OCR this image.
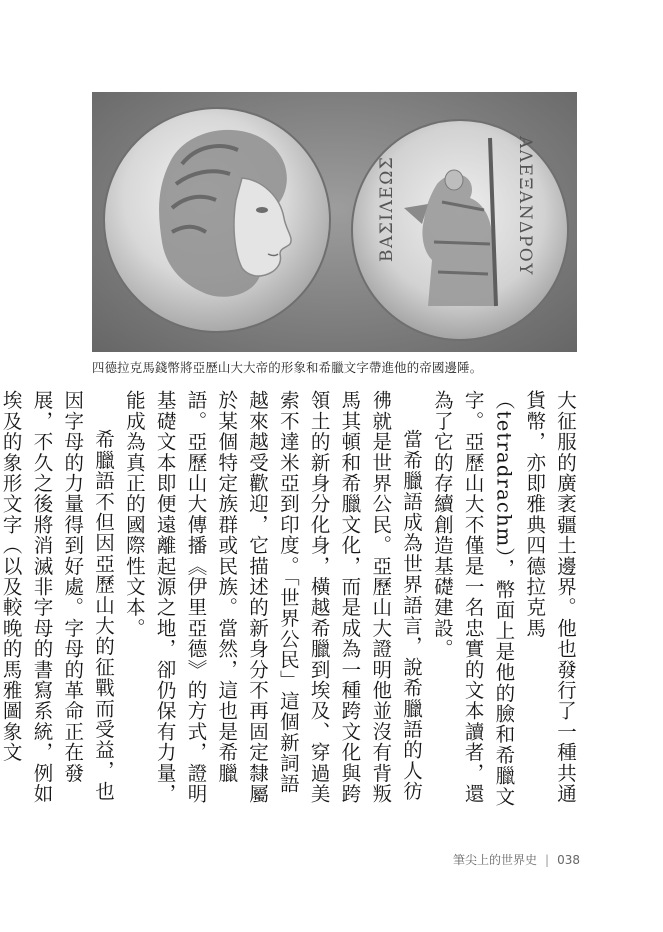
ΒΑΣΙΛΕΩΣ	ΑΛΕΞΑΝΔΡΟΥ
四德拉克馬錢幣將亞歷山大大帝的形象和希臘文字帶進他的帝國邊陲。

大征服的廣袤疆土邊界。他也發行了一種共通貨幣，亦即雅典四德拉克馬（tetradrachm），幣面上是他的臉和希臘文字。亞歷山大不僅是一名忠實的文本讀者，還為了它的存續創造基礎建設。

當希臘語成為世界語言，說希臘語的人彷彿就是世界公民。亞歷山大證明他並沒有背叛馬其頓和希臘文化，而是成為一種跨文化與跨領土的新身分化身，橫越希臘到埃及、穿過美索不達米亞到印度。「世界公民」這個新詞語越來越受歡迎，它描述的新身分不再固定隸屬於某個特定族群或民族。當然，這也是希臘語。亞歷山大傳播《伊里亞德》的方式，證明基礎文本即便遠離起源之地，卻仍保有力量，能成為真正的國際性文本。

希臘語不但因亞歷山大的征戰而受益，也因字母的力量得到好處。字母的革命正在發展，不久之後將消滅非字母的書寫系統，例如埃及的象形文字（以及較晚的馬雅圖象文

筆尖上的世界史 | 038
